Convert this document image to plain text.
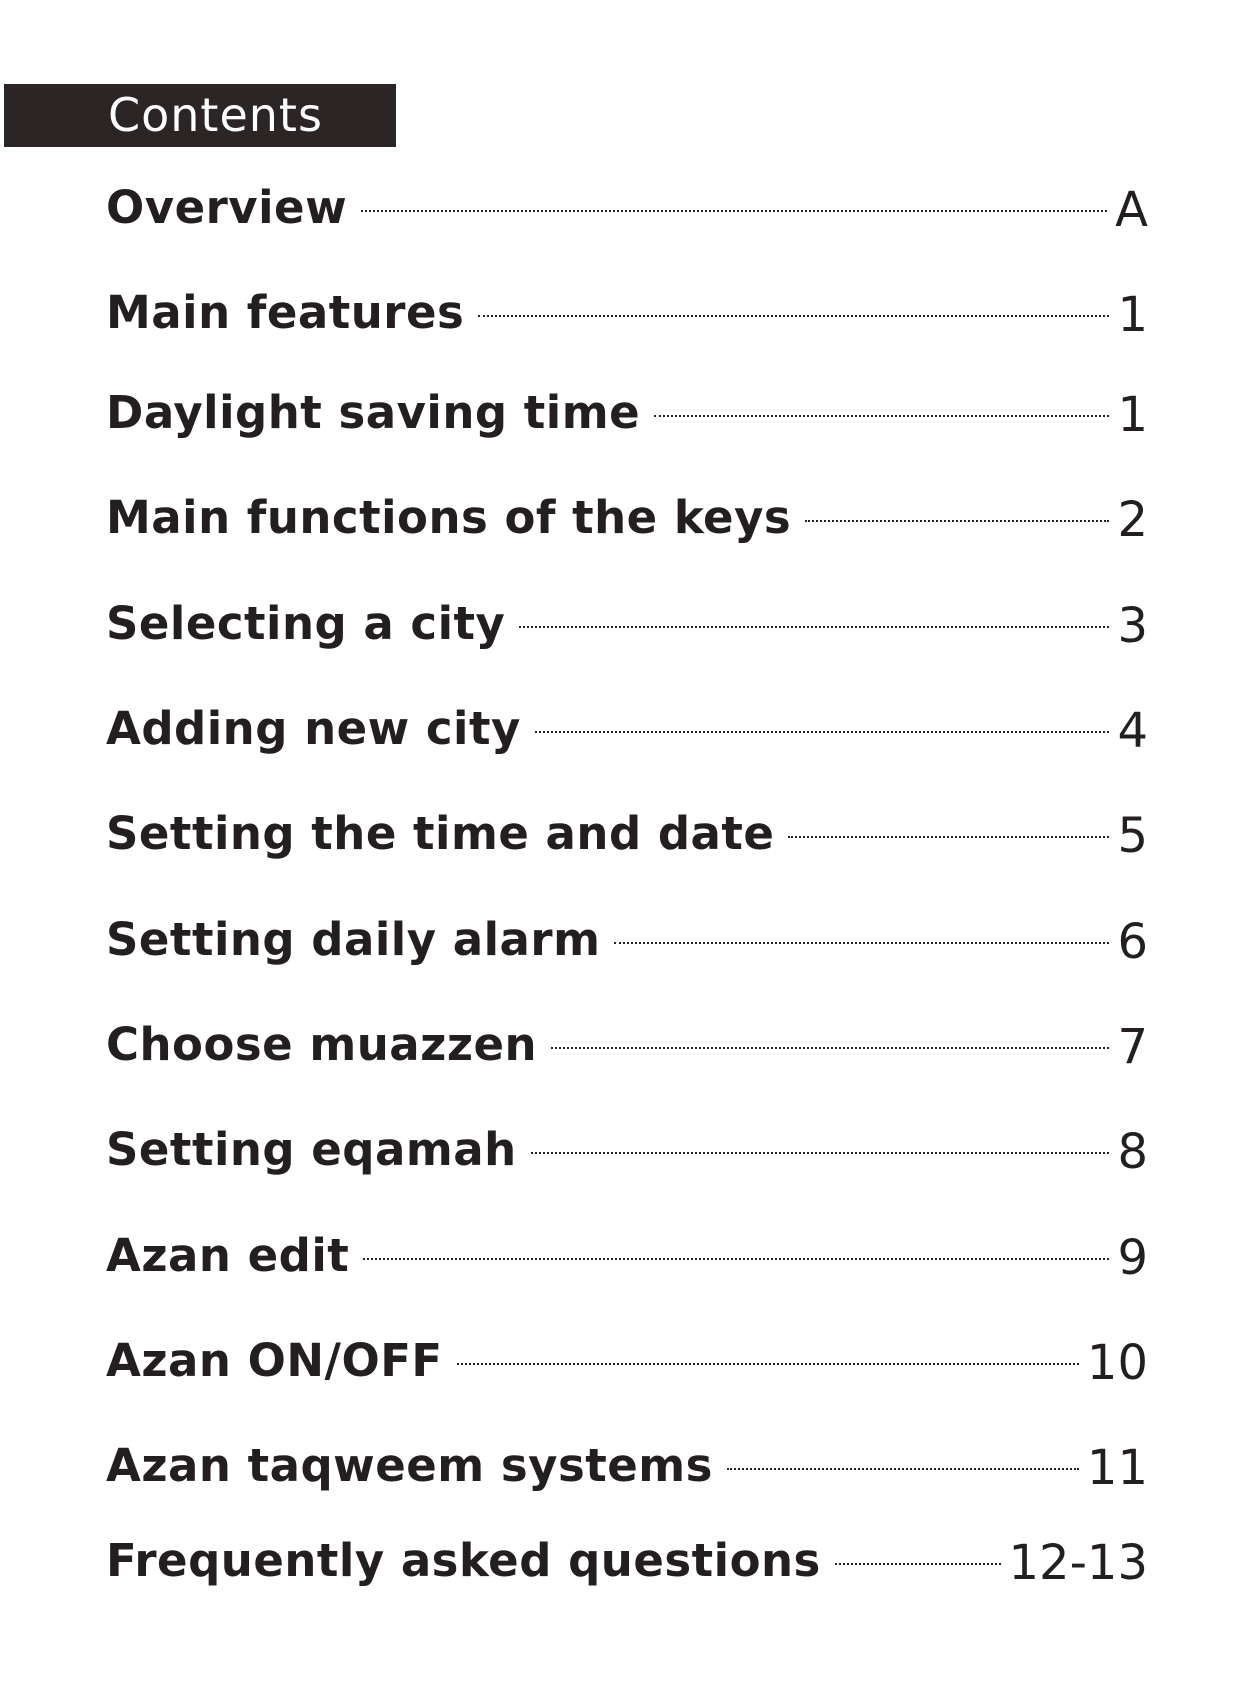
Contents
Overview	A
Main features	1
Daylight saving time	1
Main functions of the keys	2
Selecting a city	3
Adding new city	4
Setting the time and date	5
Setting daily alarm	6
Choose muazzen	7
Setting eqamah	8
Azan edit	9
Azan ON/OFF	10
Azan taqweem systems	11
Frequently asked questions	12-13
